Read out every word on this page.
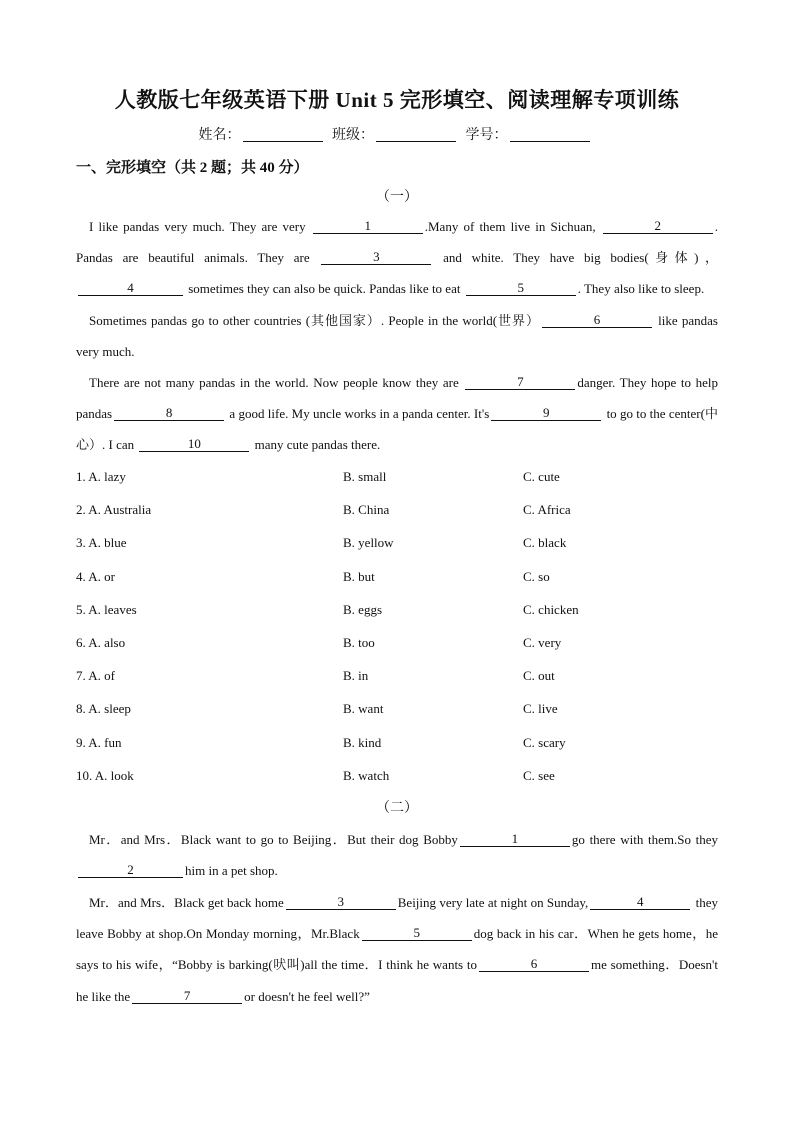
人教版七年级英语下册 Unit 5 完形填空、阅读理解专项训练
姓名：	班级：	学号：
一、完形填空（共 2 题；共 40 分）
（一）
I like pandas very much. They are very	1	.Many of them live in Sichuan,	2	. Pandas are beautiful animals. They are	3	and white. They have big bodies(身体)，4	sometimes they can also be quick. Pandas like to eat	5	. They also like to sleep.
Sometimes pandas go to other countries (其他国家）. People in the world(世界）	6	like pandas very much.
There are not many pandas in the world. Now people know they are	7	danger. They hope to help pandas	8	a good life. My uncle works in a panda center. It's	9	to go to the center(中心）. I can	10	many cute pandas there.
1. A. lazy	B. small	C. cute
2. A. Australia	B. China	C. Africa
3. A. blue	B. yellow	C. black
4. A. or	B. but	C. so
5. A. leaves	B. eggs	C. chicken
6. A. also	B. too	C. very
7. A. of	B. in	C. out
8. A. sleep	B. want	C. live
9. A. fun	B. kind	C. scary
10. A. look	B. watch	C. see
（二）
Mr．and Mrs．Black want to go to Beijing．But their dog Bobby	1	go there with them.So they2	him in a pet shop.
Mr．and Mrs．Black get back home	3	Beijing very late at night on Sunday,	4	they leave Bobby at shop.On Monday morning，Mr.Black	5	dog back in his car．When he gets home，he says to his wife，“Bobby is barking(吠叫)all the time．I think he wants to	6	me something．Doesn't he like the	7	or doesn't he feel well?”
